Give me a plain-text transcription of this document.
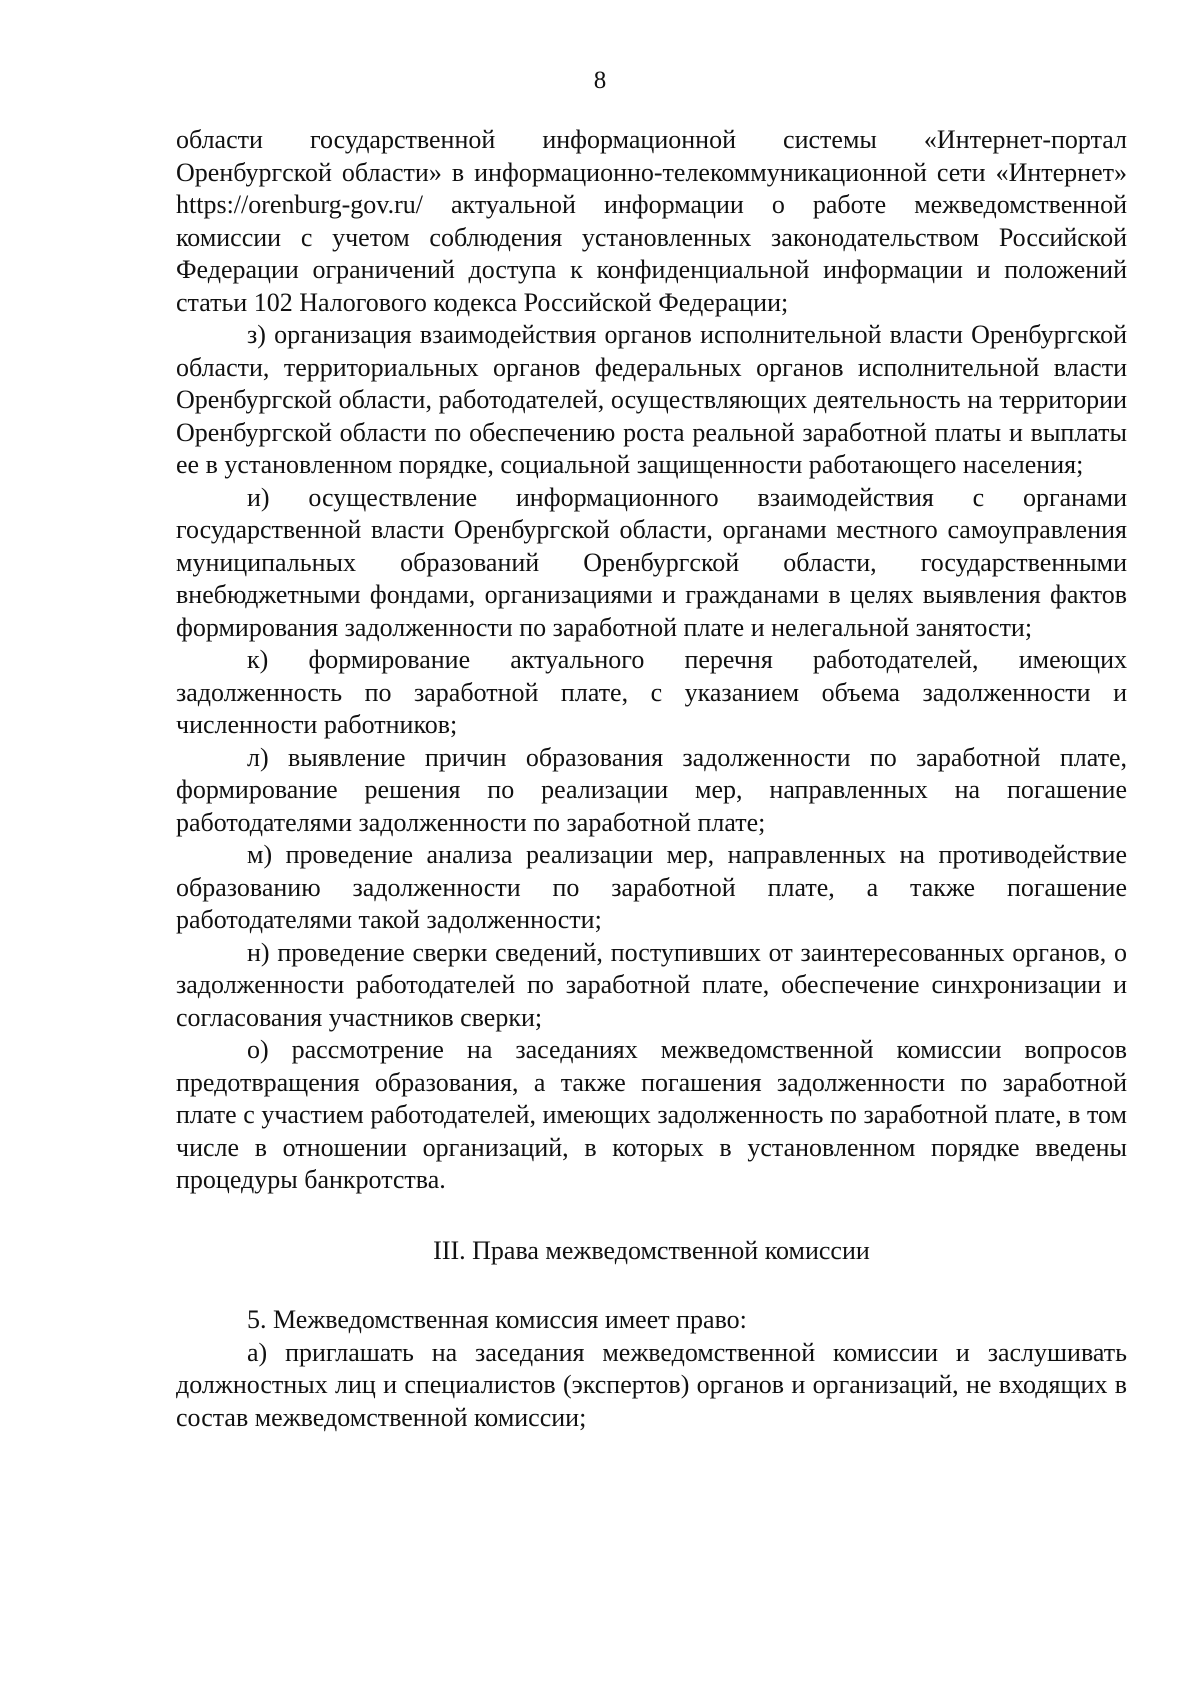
8

области государственной информационной системы «Интернет-портал Оренбургской области» в информационно-телекоммуникационной сети «Интернет» https://orenburg-gov.ru/ актуальной информации о работе межведомственной комиссии с учетом соблюдения установленных законодательством Российской Федерации ограничений доступа к конфиденциальной информации и положений статьи 102 Налогового кодекса Российской Федерации;

з) организация взаимодействия органов исполнительной власти Оренбургской области, территориальных органов федеральных органов исполнительной власти Оренбургской области, работодателей, осуществляющих деятельность на территории Оренбургской области по обеспечению роста реальной заработной платы и выплаты ее в установленном порядке, социальной защищенности работающего населения;

и) осуществление информационного взаимодействия с органами государственной власти Оренбургской области, органами местного самоуправления муниципальных образований Оренбургской области, государственными внебюджетными фондами, организациями и гражданами в целях выявления фактов формирования задолженности по заработной плате и нелегальной занятости;

к) формирование актуального перечня работодателей, имеющих задолженность по заработной плате, с указанием объема задолженности и численности работников;

л) выявление причин образования задолженности по заработной плате, формирование решения по реализации мер, направленных на погашение работодателями задолженности по заработной плате;

м) проведение анализа реализации мер, направленных на противодействие образованию задолженности по заработной плате, а также погашение работодателями такой задолженности;

н) проведение сверки сведений, поступивших от заинтересованных органов, о задолженности работодателей по заработной плате, обеспечение синхронизации и согласования участников сверки;

о) рассмотрение на заседаниях межведомственной комиссии вопросов предотвращения образования, а также погашения задолженности по заработной плате с участием работодателей, имеющих задолженность по заработной плате, в том числе в отношении организаций, в которых в установленном порядке введены процедуры банкротства.

III. Права межведомственной комиссии

5. Межведомственная комиссия имеет право:

а) приглашать на заседания межведомственной комиссии и заслушивать должностных лиц и специалистов (экспертов) органов и организаций, не входящих в состав межведомственной комиссии;
